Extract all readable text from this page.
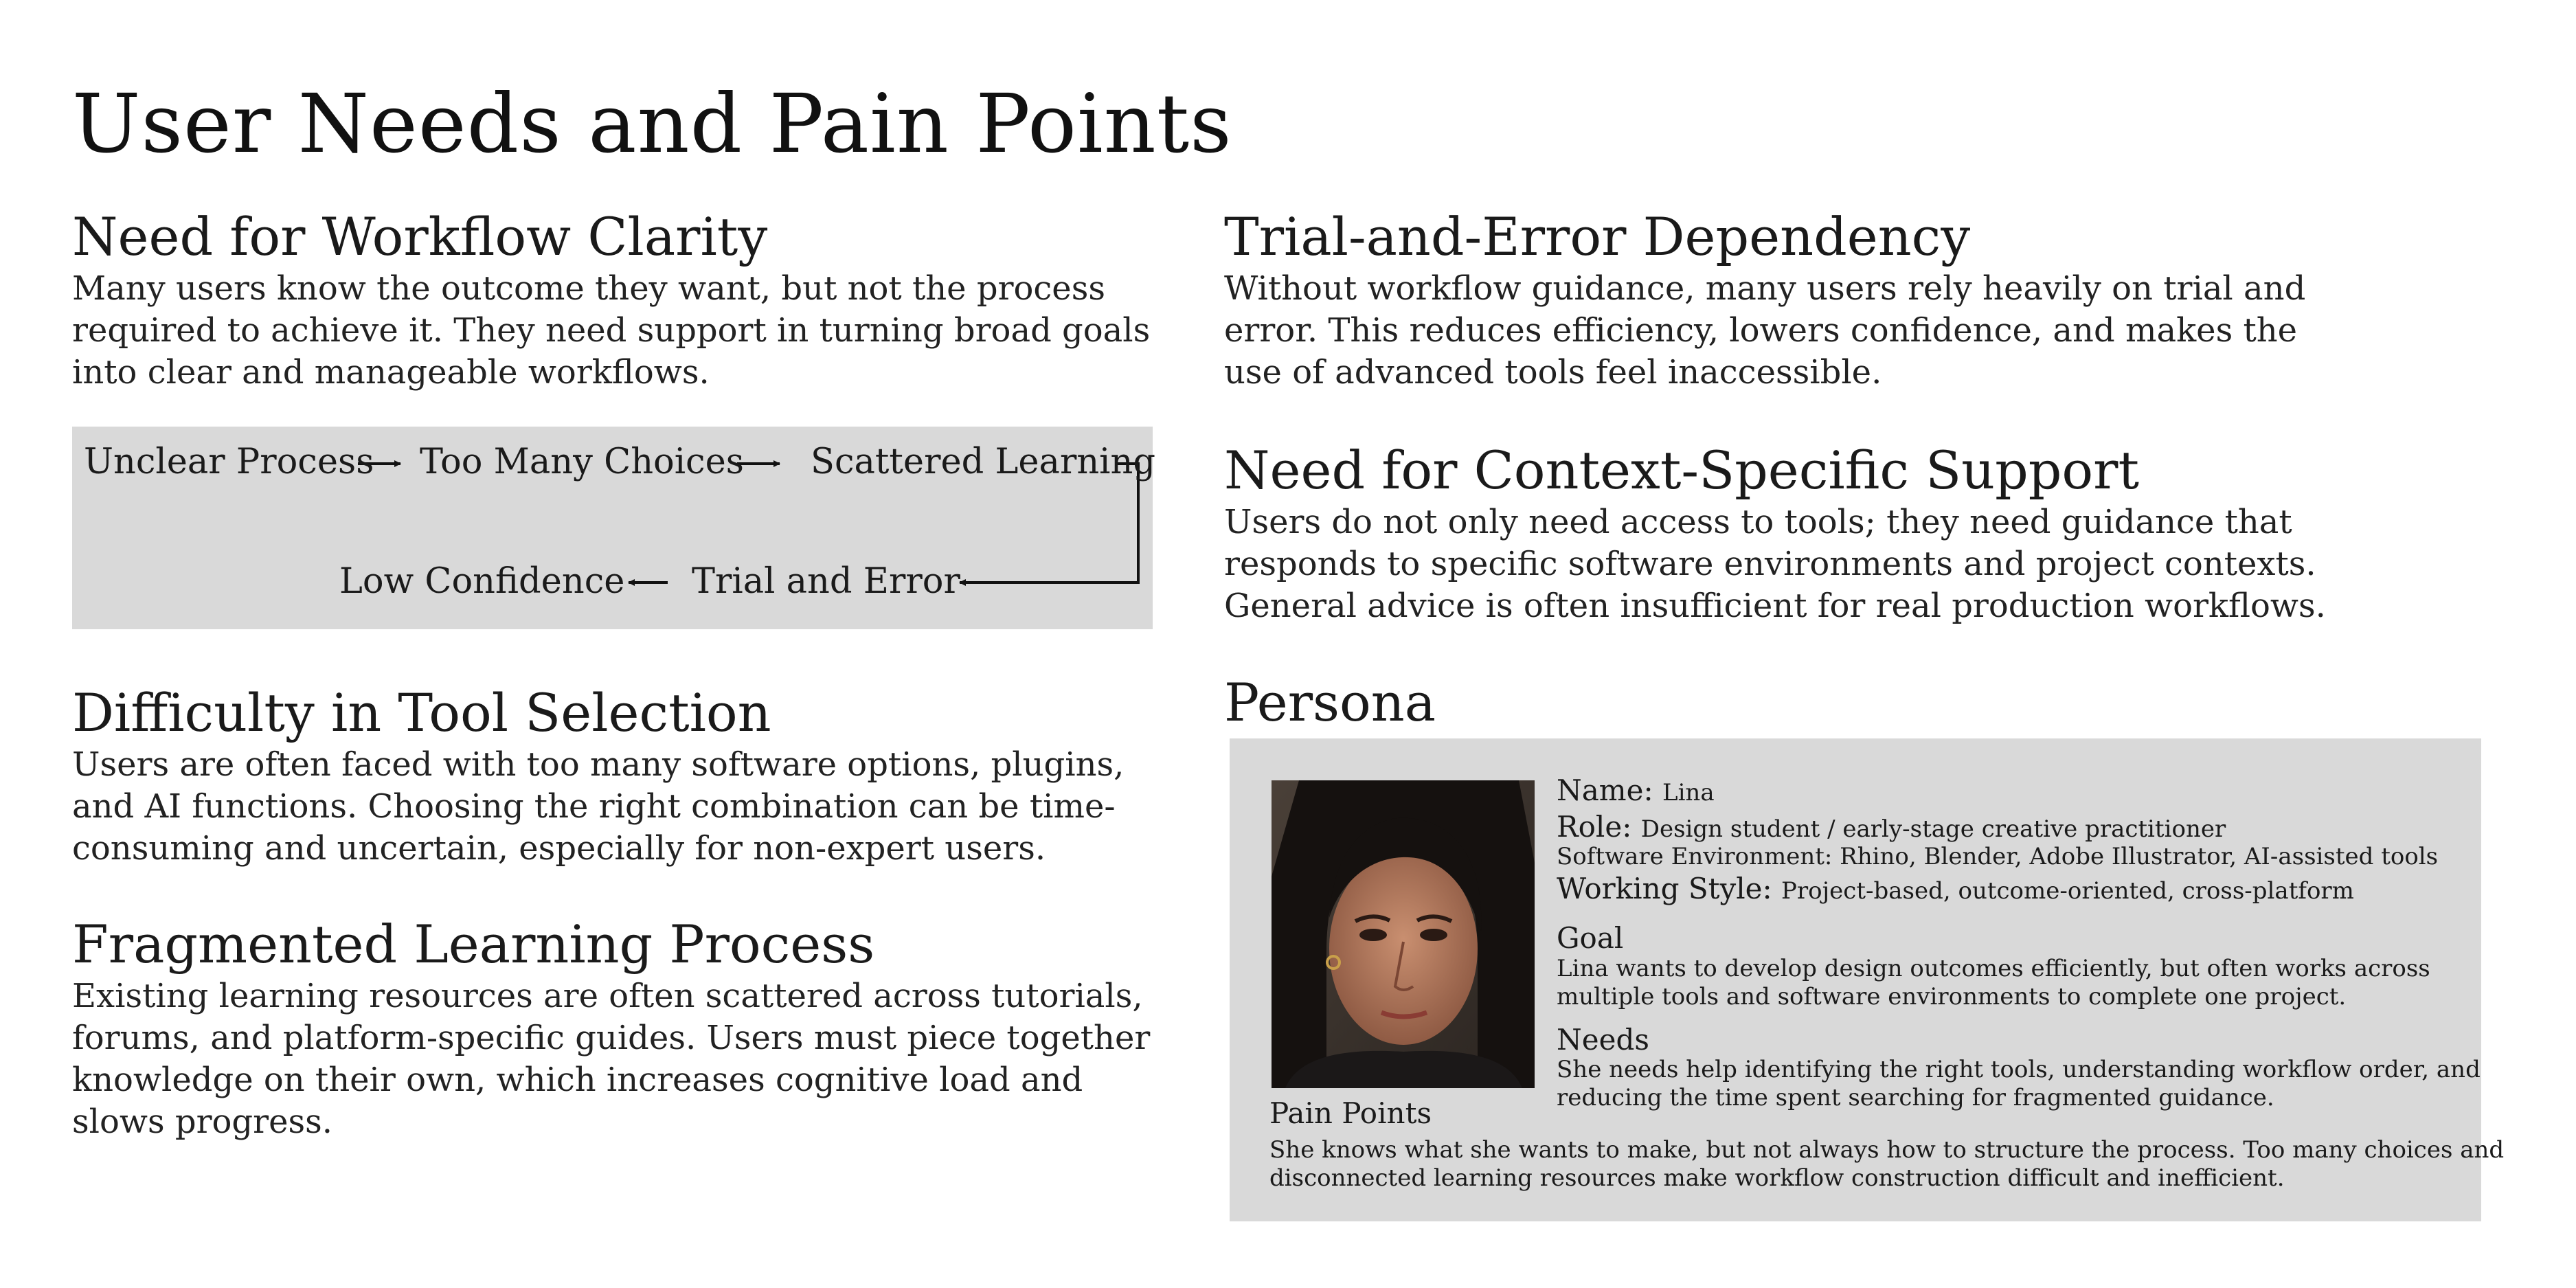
User Needs and Pain Points
Need for Workflow Clarity
Many users know the outcome they want, but not the process
required to achieve it. They need support in turning broad goals
into clear and manageable workflows.
Unclear Process Too Many Choices Scattered Learning
Trial and Error
Low Confidence
Difficulty in Tool Selection
Users are often faced with too many software options, plugins,
and AI functions. Choosing the right combination can be time-
consuming and uncertain, especially for non-expert users.
Fragmented Learning Process
Existing learning resources are often scattered across tutorials,
forums, and platform-specific guides. Users must piece together
knowledge on their own, which increases cognitive load and
slows progress.
Trial-and-Error Dependency
Without workflow guidance, many users rely heavily on trial and
error. This reduces efficiency, lowers confidence, and makes the
use of advanced tools feel inaccessible.
Need for Context-Specific Support
Users do not only need access to tools; they need guidance that
responds to specific software environments and project contexts.
General advice is often insufficient for real production workflows.
Persona
Name: Lina
Role: Design student / early-stage creative practitioner
Software Environment: Rhino, Blender, Adobe Illustrator, AI-assisted tools
Working Style: Project-based, outcome-oriented, cross-platform
Goal
Lina wants to develop design outcomes efficiently, but often works across
multiple tools and software environments to complete one project.
Needs
She needs help identifying the right tools, understanding workflow order, and
reducing the time spent searching for fragmented guidance.
Pain Points
She knows what she wants to make, but not always how to structure the process. Too many choices and
disconnected learning resources make workflow construction difficult and inefficient.
